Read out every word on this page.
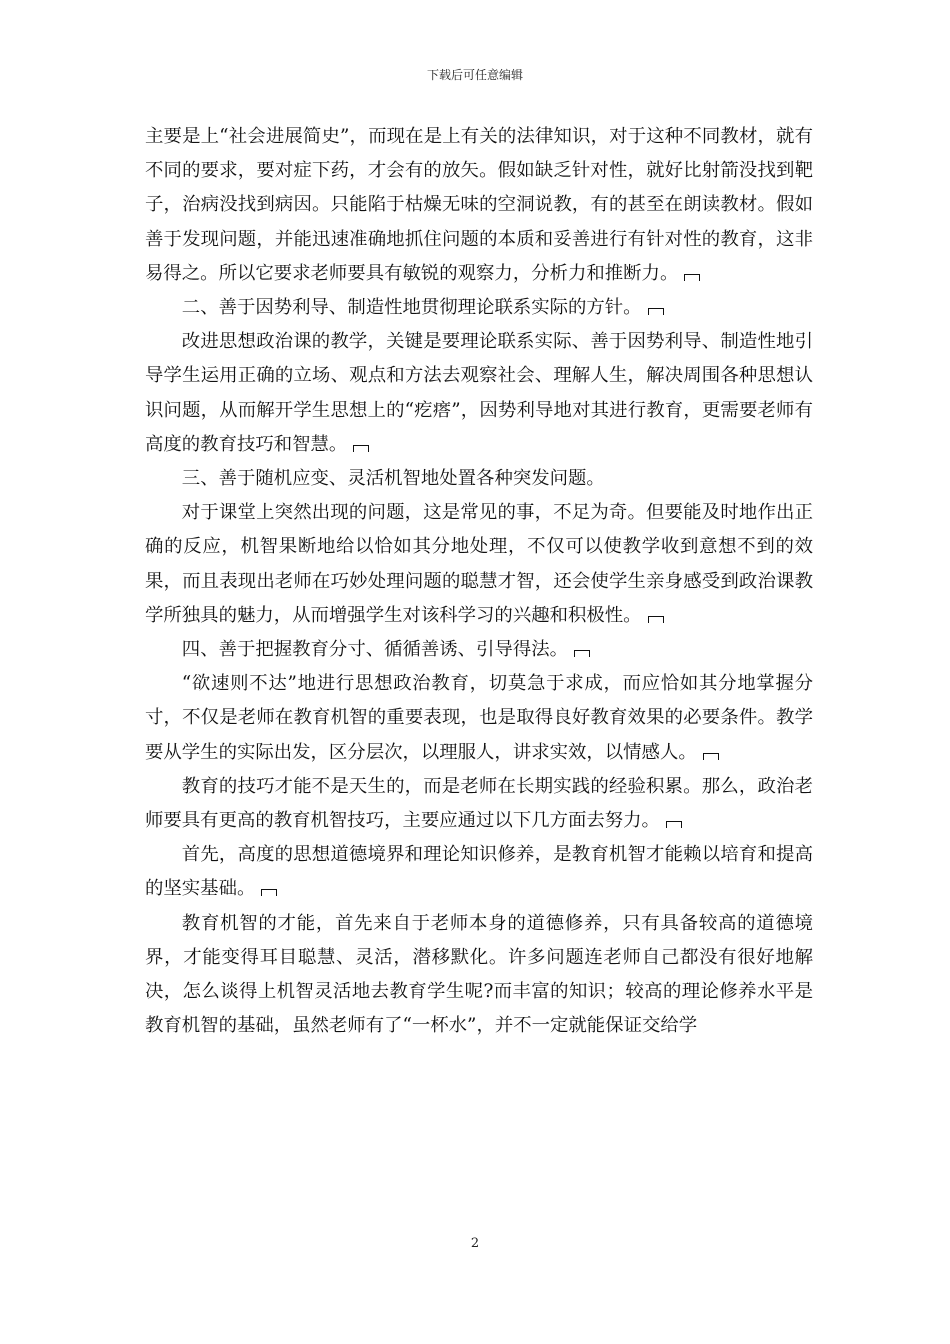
下载后可任意编辑

主要是上“社会进展简史”，而现在是上有关的法律知识，对于这种不同教材，就有不同的要求，要对症下药，才会有的放矢。假如缺乏针对性，就好比射箭没找到靶子，治病没找到病因。只能陷于枯燥无味的空洞说教，有的甚至在朗读教材。假如善于发现问题，并能迅速准确地抓住问题的本质和妥善进行有针对性的教育，这非易得之。所以它要求老师要具有敏锐的观察力，分析力和推断力。

二、善于因势利导、制造性地贯彻理论联系实际的方针。

改进思想政治课的教学，关键是要理论联系实际、善于因势利导、制造性地引导学生运用正确的立场、观点和方法去观察社会、理解人生，解决周围各种思想认识问题，从而解开学生思想上的“疙瘩”，因势利导地对其进行教育，更需要老师有高度的教育技巧和智慧。

三、善于随机应变、灵活机智地处置各种突发问题。

对于课堂上突然出现的问题，这是常见的事，不足为奇。但要能及时地作出正确的反应，机智果断地给以恰如其分地处理，不仅可以使教学收到意想不到的效果，而且表现出老师在巧妙处理问题的聪慧才智，还会使学生亲身感受到政治课教学所独具的魅力，从而增强学生对该科学习的兴趣和积极性。

四、善于把握教育分寸、循循善诱、引导得法。

“欲速则不达”地进行思想政治教育，切莫急于求成，而应恰如其分地掌握分寸，不仅是老师在教育机智的重要表现，也是取得良好教育效果的必要条件。教学要从学生的实际出发，区分层次，以理服人，讲求实效，以情感人。

教育的技巧才能不是天生的，而是老师在长期实践的经验积累。那么，政治老师要具有更高的教育机智技巧，主要应通过以下几方面去努力。

首先，高度的思想道德境界和理论知识修养，是教育机智才能赖以培育和提高的坚实基础。

教育机智的才能，首先来自于老师本身的道德修养，只有具备较高的道德境界，才能变得耳目聪慧、灵活，潜移默化。许多问题连老师自己都没有很好地解决，怎么谈得上机智灵活地去教育学生呢?而丰富的知识；较高的理论修养水平是教育机智的基础，虽然老师有了“一杯水”，并不一定就能保证交给学

2
